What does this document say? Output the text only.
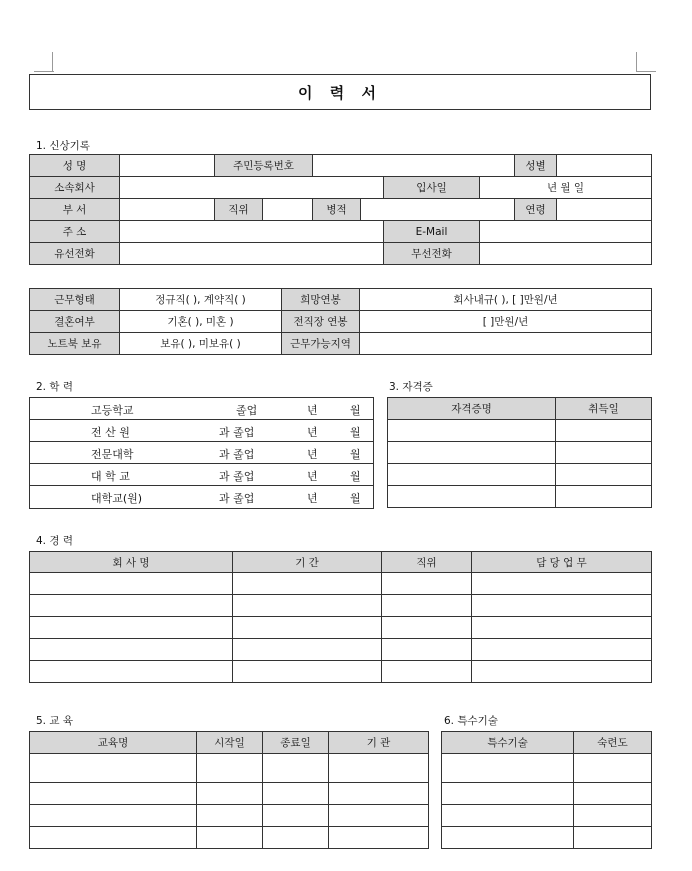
이 력 서
1. 신상기록
성 명		주민등록번호						성별	
소속회사						입사일	년 월 일		
부 서		직위		병적				연령	
주 소						E-Mail			
유선전화						무선전화			
근무형태	정규직( ), 계약직( )	희망연봉	회사내규( ), [ ]만원/년
결혼여부	기혼( ), 미혼 )	전직장 연봉	[ ]만원/년
노트북 보유	보유( ), 미보유( )	근무가능지역	
2. 학 력
고등학교	졸업	년	월
전 산 원	과 졸업	년	월
전문대학	과 졸업	년	월
대 학 교	과 졸업	년	월
대학교(원)	과 졸업	년	월
3. 자격증
자격증명	취득일

4. 경 력
회 사 명	기 간	직위	담 당 업 무

5. 교 육
교육명	시작일	종료일	기 관

6. 특수기술
특수기술	숙련도
